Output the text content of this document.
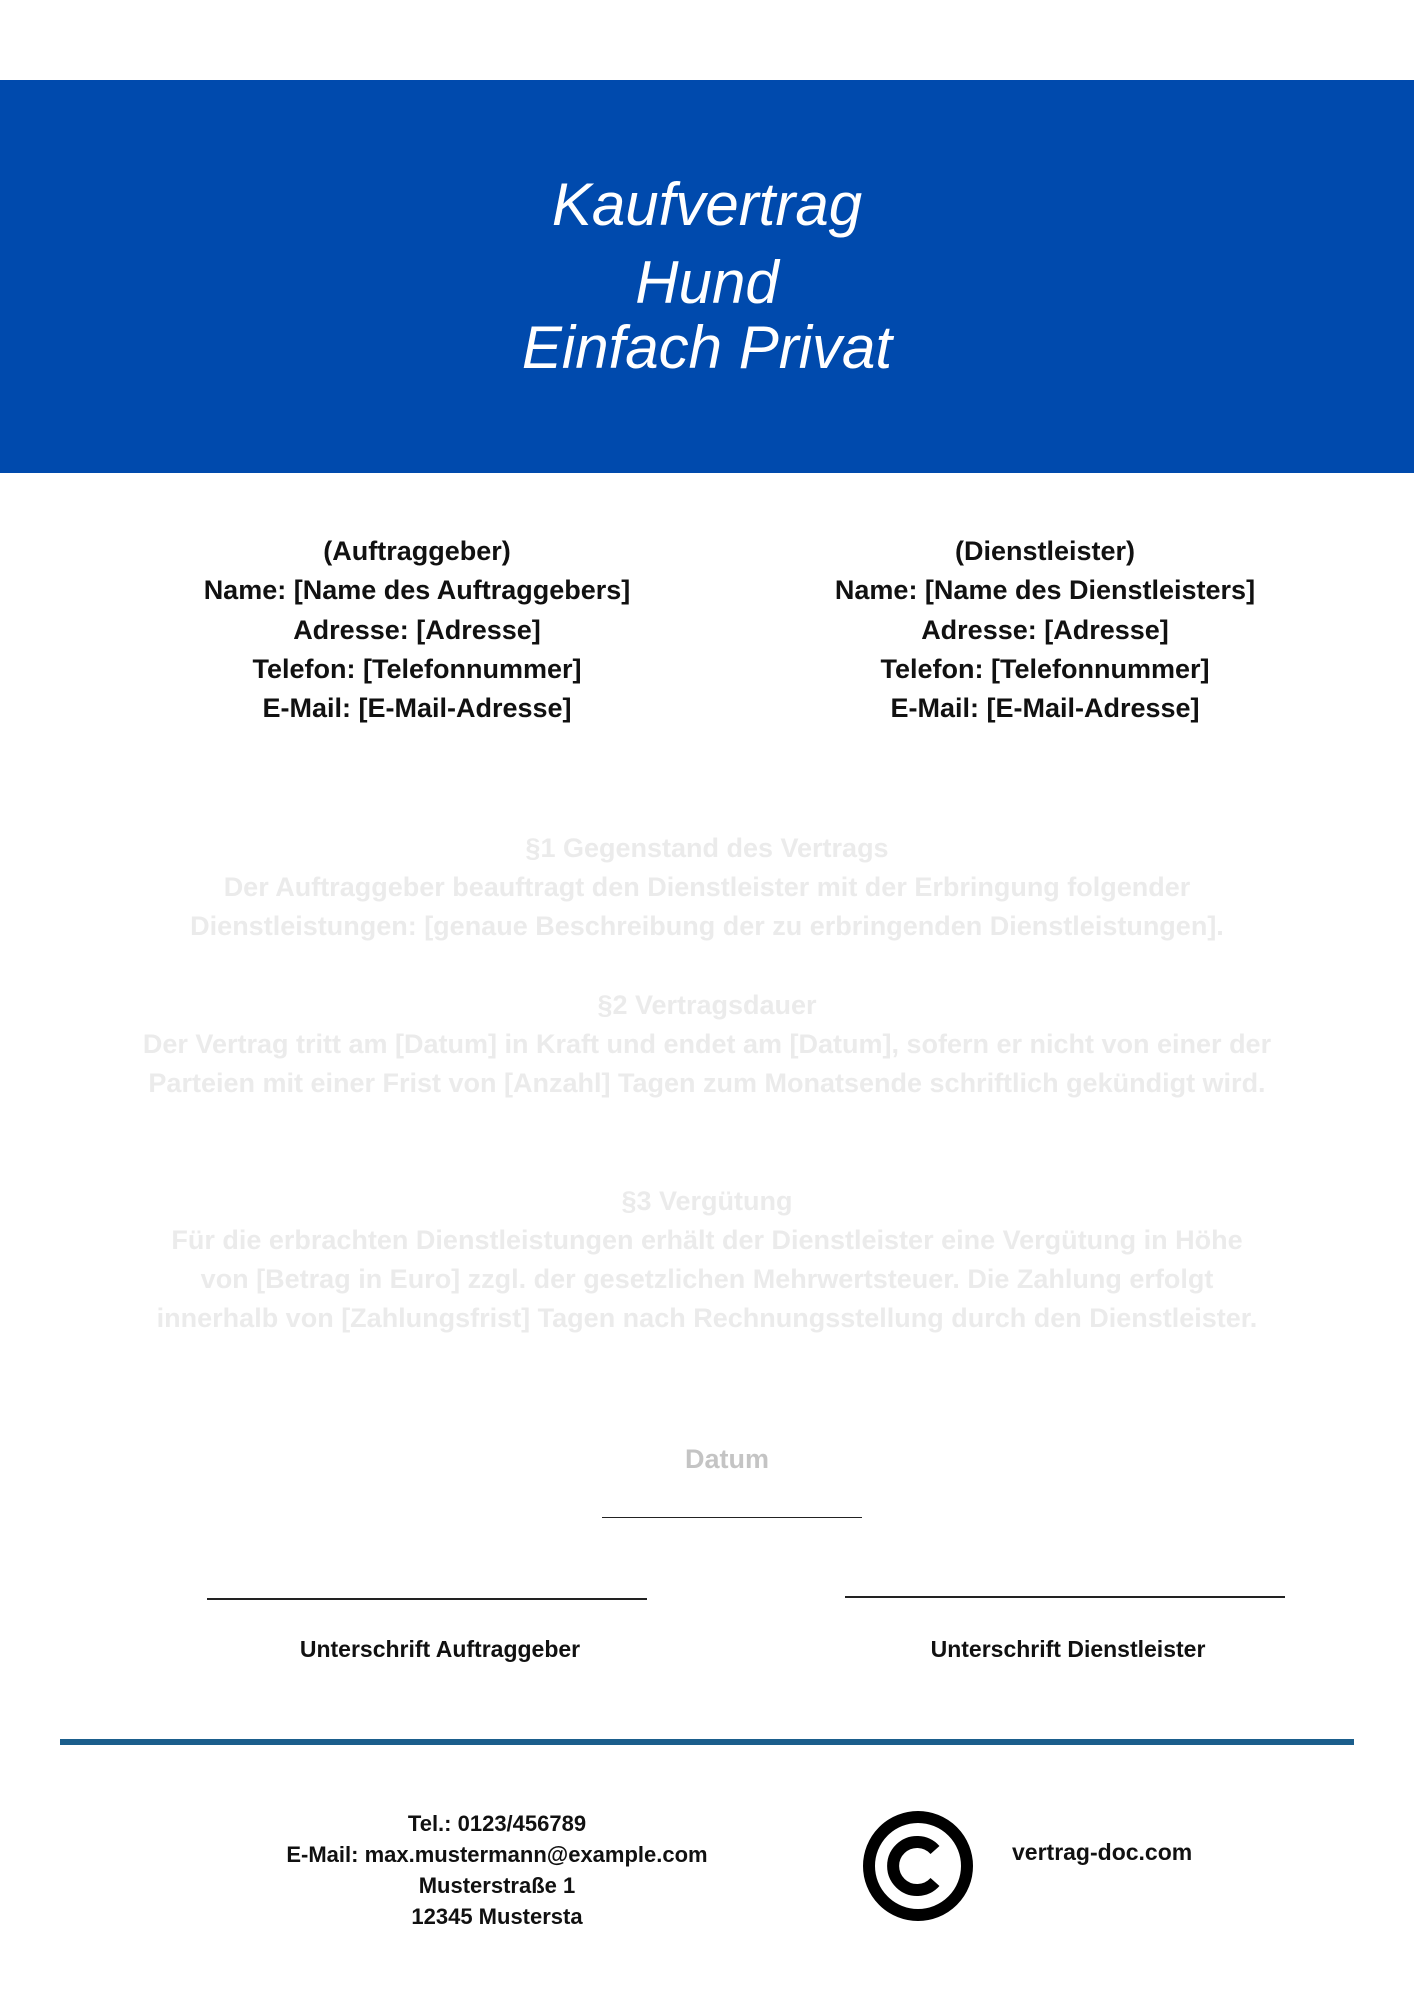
Kaufvertrag
Hund
Einfach Privat
(Auftraggeber)
Name: [Name des Auftraggebers]
Adresse: [Adresse]
Telefon: [Telefonnummer]
E-Mail: [E-Mail-Adresse]
(Dienstleister)
Name: [Name des Dienstleisters]
Adresse: [Adresse]
Telefon: [Telefonnummer]
E-Mail: [E-Mail-Adresse]
§1 Gegenstand des Vertrags
Der Auftraggeber beauftragt den Dienstleister mit der Erbringung folgender Dienstleistungen: [genaue Beschreibung der zu erbringenden Dienstleistungen].
§2 Vertragsdauer
Der Vertrag tritt am [Datum] in Kraft und endet am [Datum], sofern er nicht von einer der Parteien mit einer Frist von [Anzahl] Tagen zum Monatsende schriftlich gekündigt wird.
§3 Vergütung
Für die erbrachten Dienstleistungen erhält der Dienstleister eine Vergütung in Höhe von [Betrag in Euro] zzgl. der gesetzlichen Mehrwertsteuer. Die Zahlung erfolgt innerhalb von [Zahlungsfrist] Tagen nach Rechnungsstellung durch den Dienstleister.
Datum
Unterschrift Auftraggeber	Unterschrift Dienstleister
Tel.: 0123/456789
E-Mail: max.mustermann@example.com
Musterstraße 1
12345 Mustersta
vertrag-doc.com
